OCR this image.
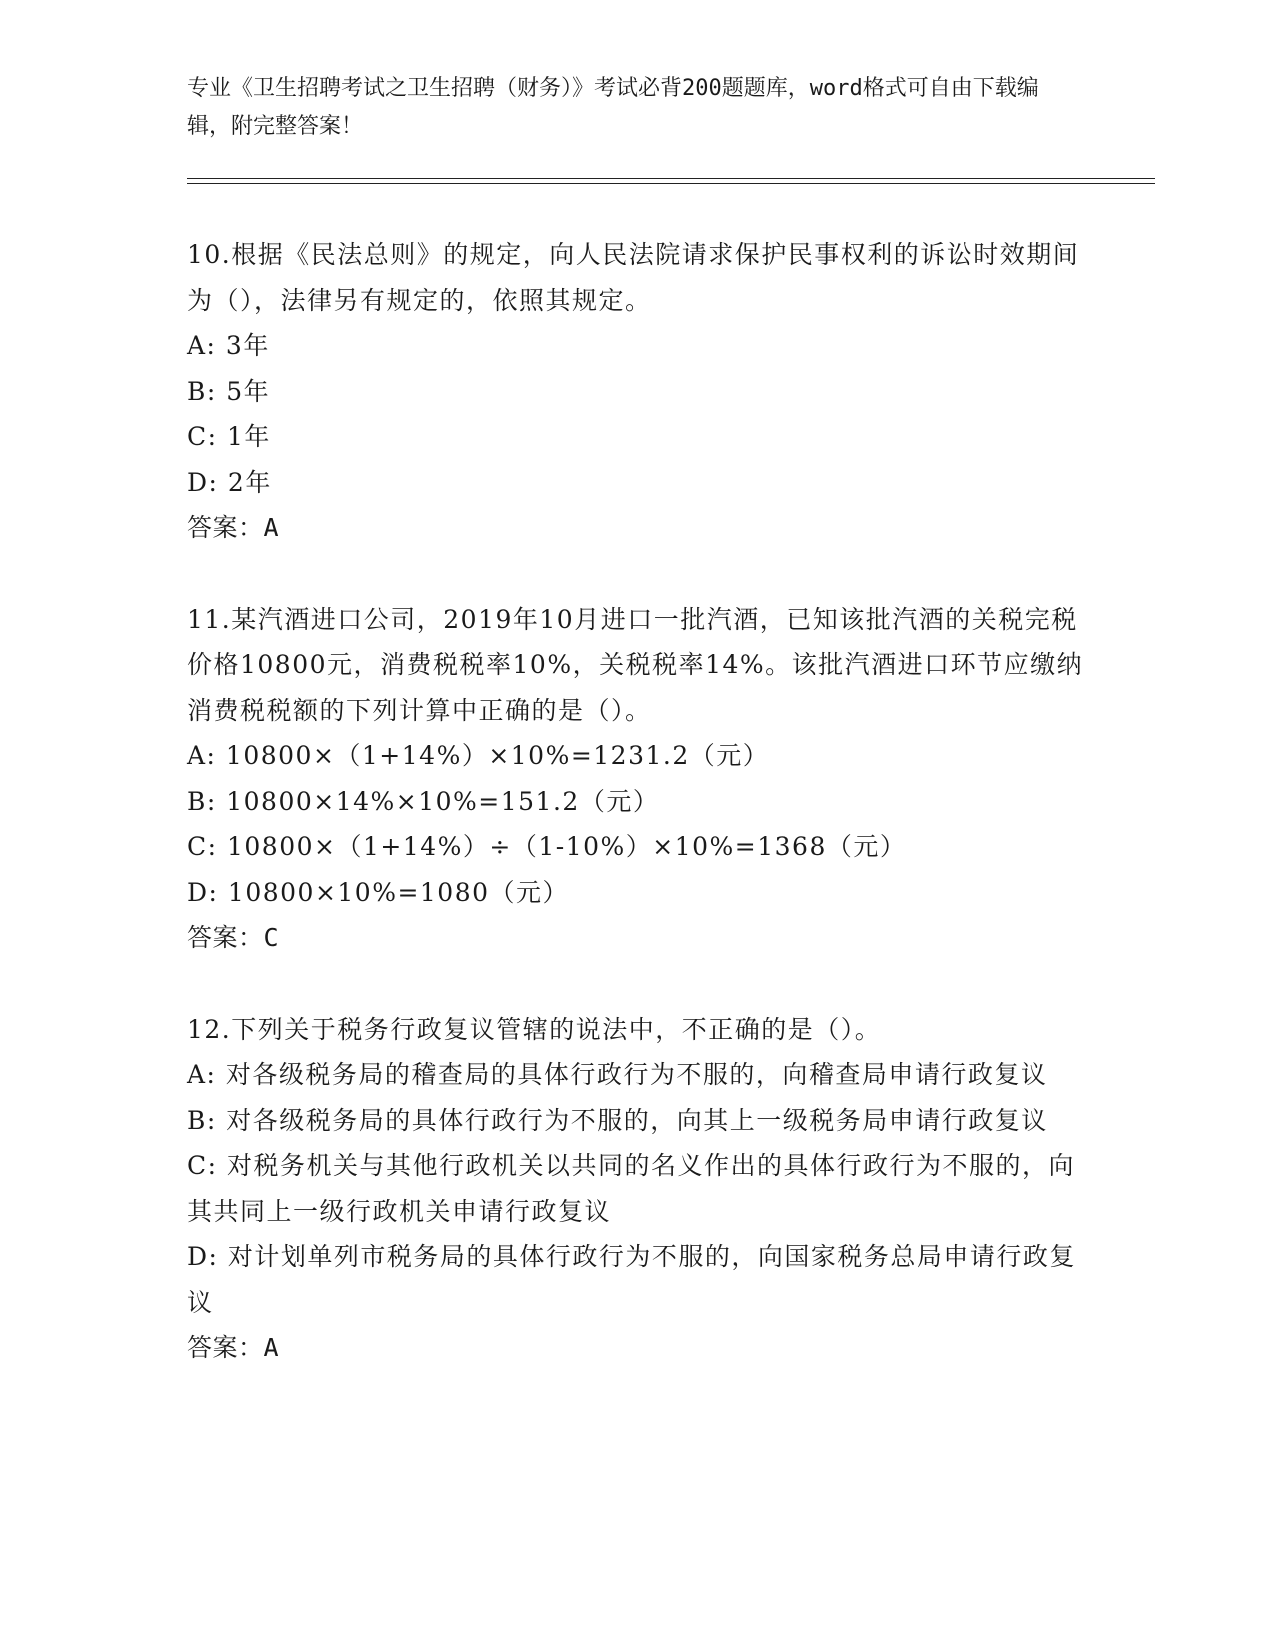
专业《卫生招聘考试之卫生招聘（财务）》考试必背200题题库，word格式可自由下载编辑，附完整答案！

10.根据《民法总则》的规定，向人民法院请求保护民事权利的诉讼时效期间为（），法律另有规定的，依照其规定。

A: 3年

B: 5年

C: 1年

D: 2年

答案：A

11.某汽酒进口公司，2019年10月进口一批汽酒，已知该批汽酒的关税完税价格10800元，消费税税率10%，关税税率14%。该批汽酒进口环节应缴纳消费税税额的下列计算中正确的是（）。

A: 10800×（1+14%）×10%=1231.2（元）

B: 10800×14%×10%=151.2（元）

C: 10800×（1+14%）÷（1-10%）×10%=1368（元）

D: 10800×10%=1080（元）

答案：C

12.下列关于税务行政复议管辖的说法中，不正确的是（）。

A: 对各级税务局的稽查局的具体行政行为不服的，向稽查局申请行政复议

B: 对各级税务局的具体行政行为不服的，向其上一级税务局申请行政复议

C: 对税务机关与其他行政机关以共同的名义作出的具体行政行为不服的，向其共同上一级行政机关申请行政复议

D: 对计划单列市税务局的具体行政行为不服的，向国家税务总局申请行政复议

答案：A
